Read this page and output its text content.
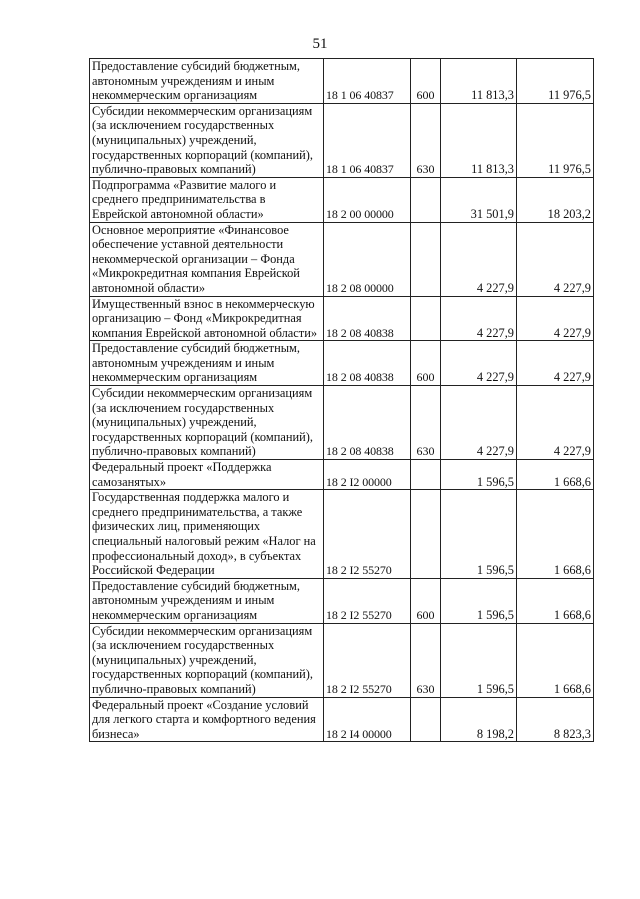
51
Предоставление субсидий бюджетным, автономным учреждениям и иным некоммерческим организациям	18 1 06 40837	600	11 813,3	11 976,5
Субсидии некоммерческим организациям (за исключением государственных (муниципальных) учреждений, государственных корпораций (компаний), публично-правовых компаний)	18 1 06 40837	630	11 813,3	11 976,5
Подпрограмма «Развитие малого и среднего предпринимательства в Еврейской автономной области»	18 2 00 00000		31 501,9	18 203,2
Основное мероприятие «Финансовое обеспечение уставной деятельности некоммерческой организации – Фонда «Микрокредитная компания Еврейской автономной области»	18 2 08 00000		4 227,9	4 227,9
Имущественный взнос в некоммерческую организацию – Фонд «Микрокредитная компания Еврейской автономной области»	18 2 08 40838		4 227,9	4 227,9
Предоставление субсидий бюджетным, автономным учреждениям и иным некоммерческим организациям	18 2 08 40838	600	4 227,9	4 227,9
Субсидии некоммерческим организациям (за исключением государственных (муниципальных) учреждений, государственных корпораций (компаний), публично-правовых компаний)	18 2 08 40838	630	4 227,9	4 227,9
Федеральный проект «Поддержка самозанятых»	18 2 I2 00000		1 596,5	1 668,6
Государственная поддержка малого и среднего предпринимательства, а также физических лиц, применяющих специальный налоговый режим «Налог на профессиональный доход», в субъектах Российской Федерации	18 2 I2 55270		1 596,5	1 668,6
Предоставление субсидий бюджетным, автономным учреждениям и иным некоммерческим организациям	18 2 I2 55270	600	1 596,5	1 668,6
Субсидии некоммерческим организациям (за исключением государственных (муниципальных) учреждений, государственных корпораций (компаний), публично-правовых компаний)	18 2 I2 55270	630	1 596,5	1 668,6
Федеральный проект «Создание условий для легкого старта и комфортного ведения бизнеса»	18 2 I4 00000		8 198,2	8 823,3
